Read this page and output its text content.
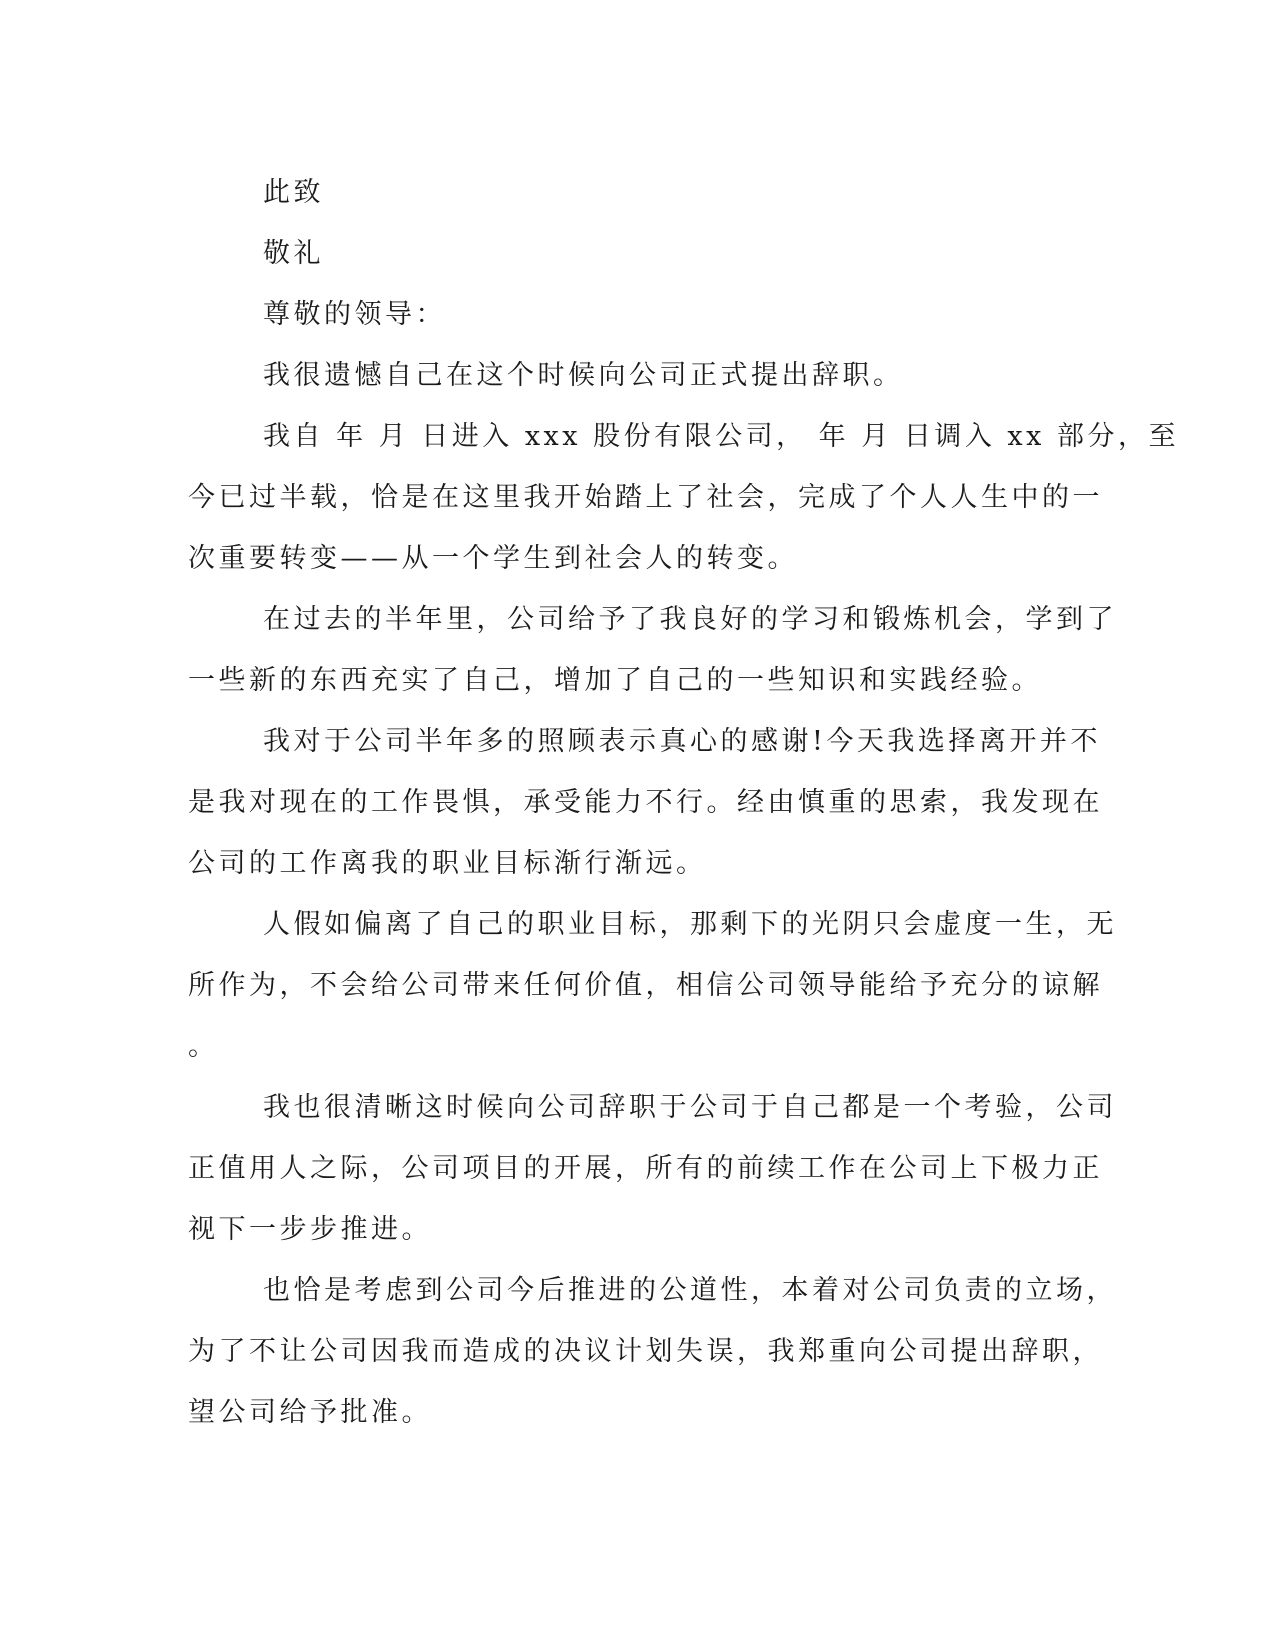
此致
敬礼
尊敬的领导：
我很遗憾自己在这个时候向公司正式提出辞职。
我自 年 月 日进入 xxx 股份有限公司， 年 月 日调入 xx 部分，至
今已过半载，恰是在这里我开始踏上了社会，完成了个人人生中的一
次重要转变——从一个学生到社会人的转变。
在过去的半年里，公司给予了我良好的学习和锻炼机会，学到了
一些新的东西充实了自己，增加了自己的一些知识和实践经验。
我对于公司半年多的照顾表示真心的感谢!今天我选择离开并不
是我对现在的工作畏惧，承受能力不行。经由慎重的思索，我发现在
公司的工作离我的职业目标渐行渐远。
人假如偏离了自己的职业目标，那剩下的光阴只会虚度一生，无
所作为，不会给公司带来任何价值，相信公司领导能给予充分的谅解
。
我也很清晰这时候向公司辞职于公司于自己都是一个考验，公司
正值用人之际，公司项目的开展，所有的前续工作在公司上下极力正
视下一步步推进。
也恰是考虑到公司今后推进的公道性，本着对公司负责的立场，
为了不让公司因我而造成的决议计划失误，我郑重向公司提出辞职，
望公司给予批准。
